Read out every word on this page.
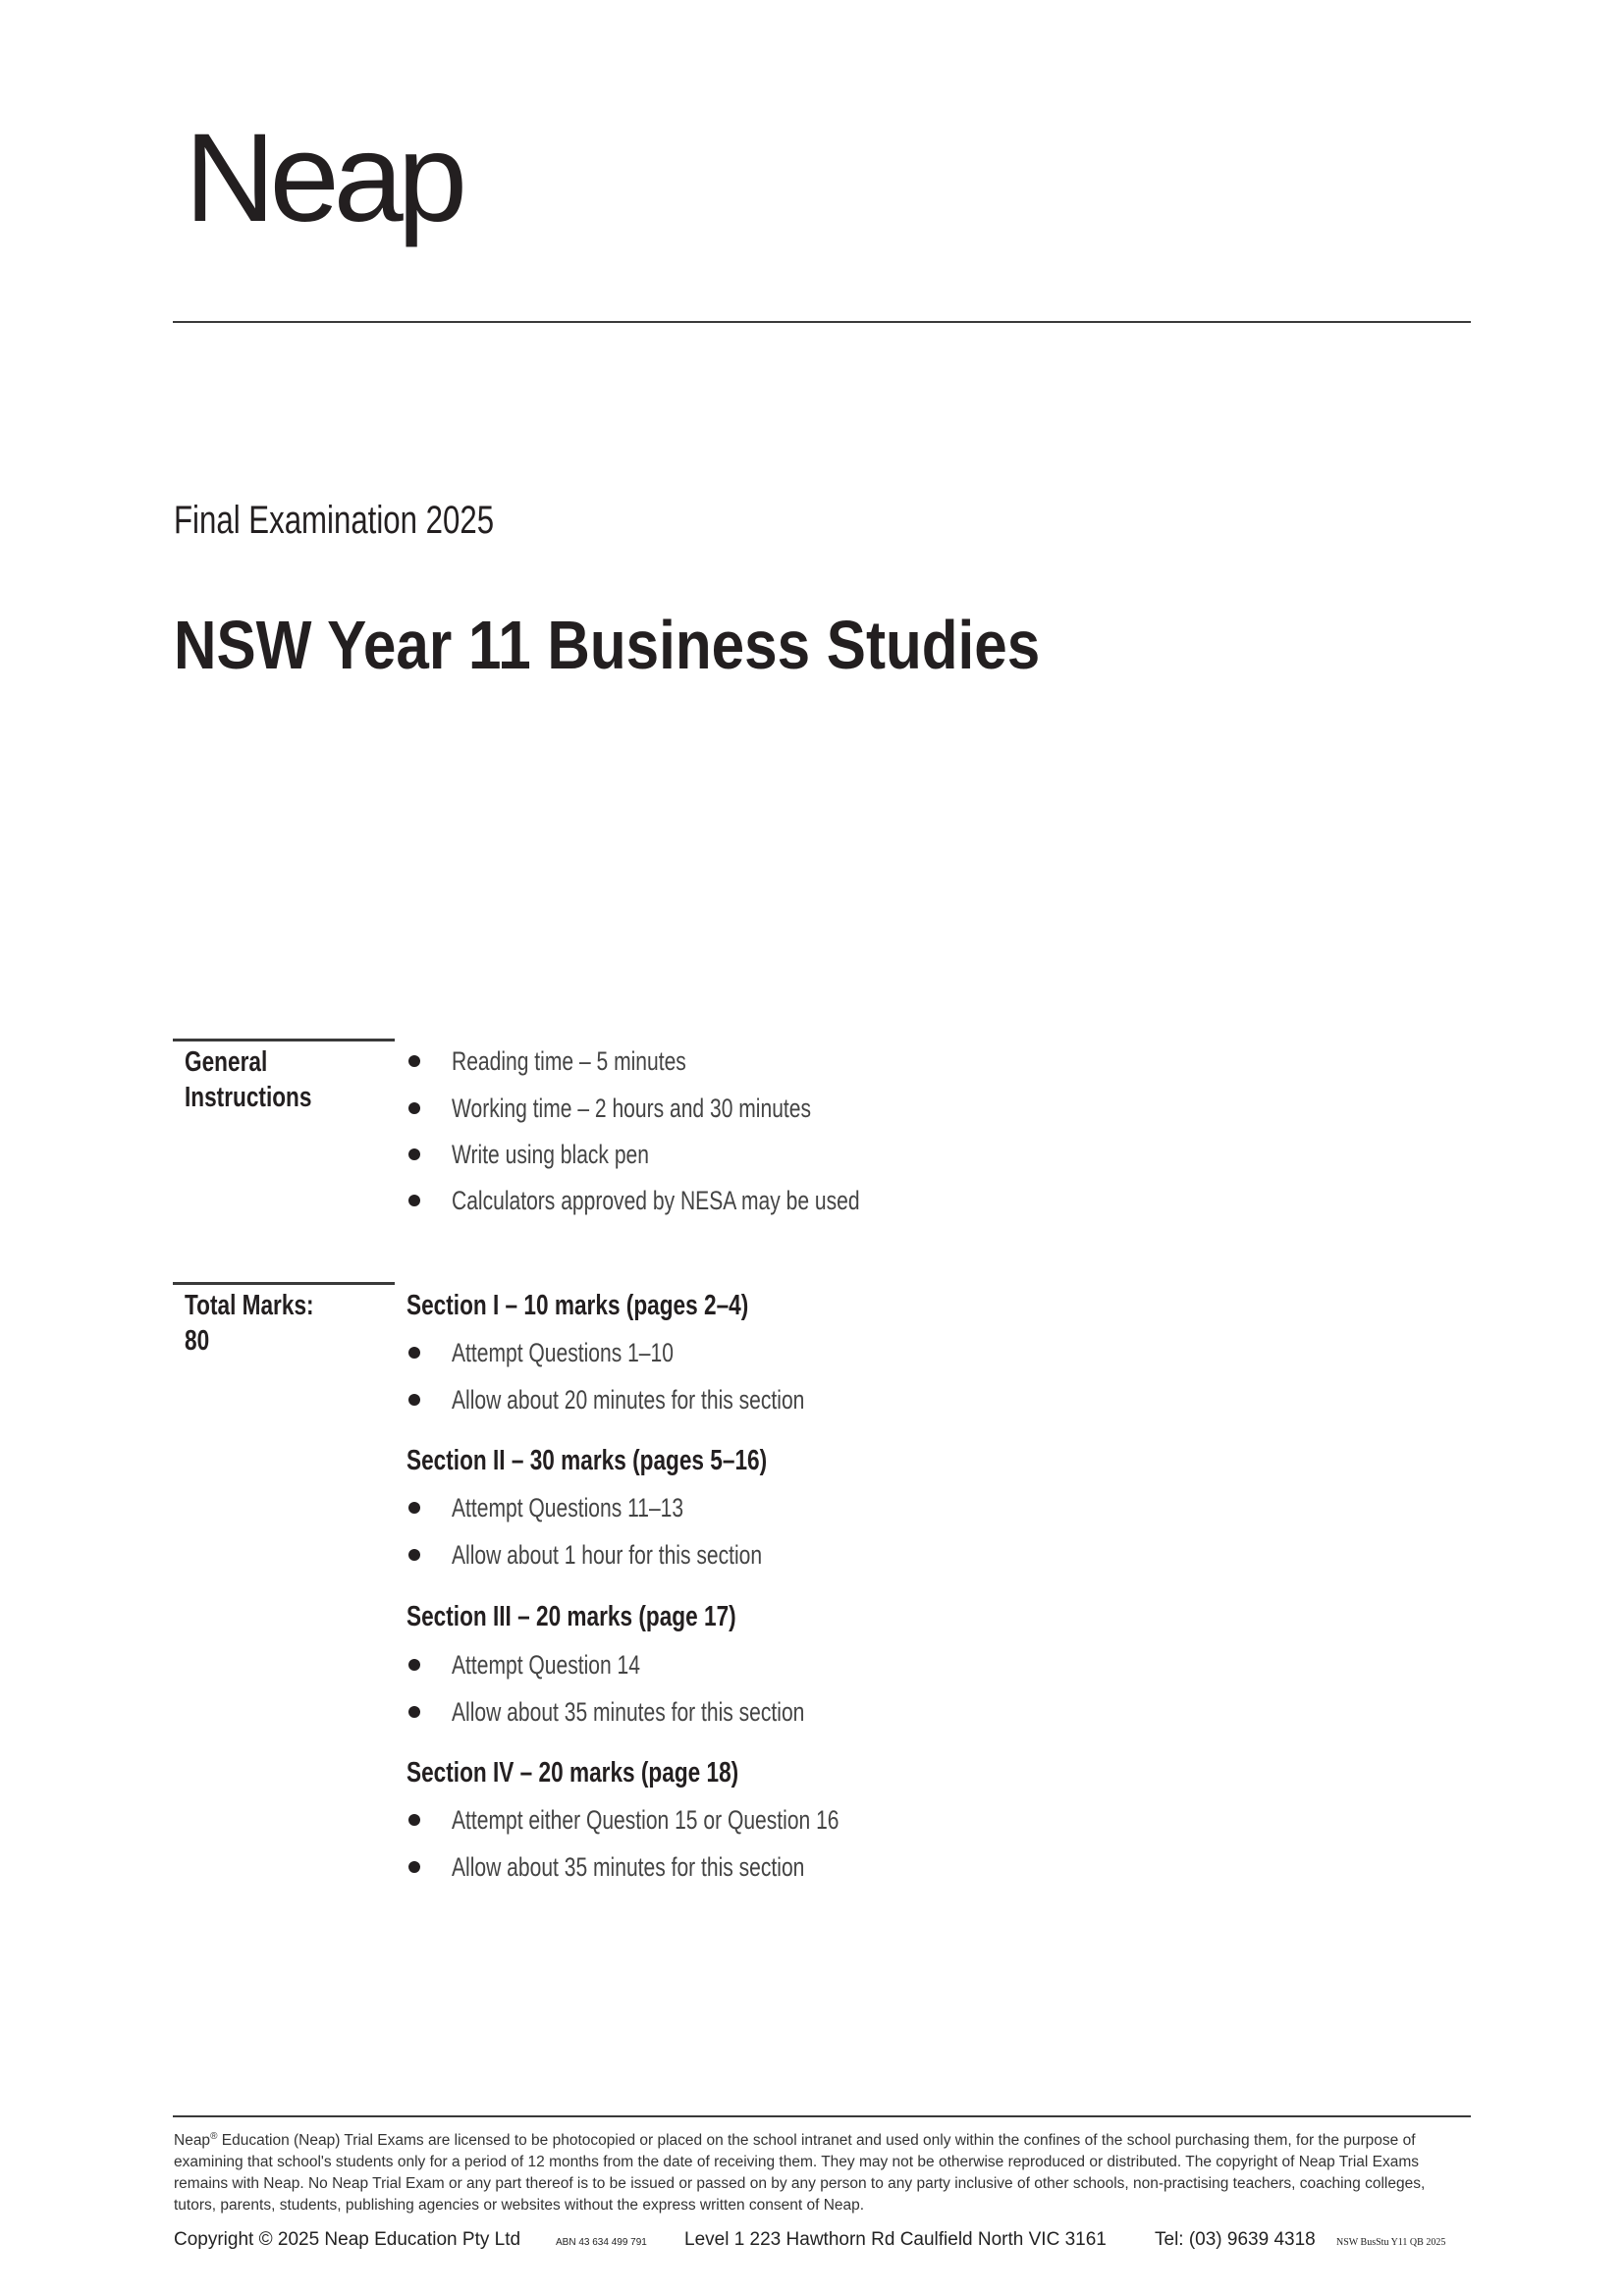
Neap
Final Examination 2025
NSW Year 11 Business Studies
General
Instructions
Reading time – 5 minutes
Working time – 2 hours and 30 minutes
Write using black pen
Calculators approved by NESA may be used
Total Marks:
80
Section I – 10 marks (pages 2–4)
Attempt Questions 1–10
Allow about 20 minutes for this section
Section II – 30 marks (pages 5–16)
Attempt Questions 11–13
Allow about 1 hour for this section
Section III – 20 marks (page 17)
Attempt Question 14
Allow about 35 minutes for this section
Section IV – 20 marks (page 18)
Attempt either Question 15 or Question 16
Allow about 35 minutes for this section
Neap® Education (Neap) Trial Exams are licensed to be photocopied or placed on the school intranet and used only within the confines of the school purchasing them, for the purpose of examining that school's students only for a period of 12 months from the date of receiving them. They may not be otherwise reproduced or distributed. The copyright of Neap Trial Exams remains with Neap. No Neap Trial Exam or any part thereof is to be issued or passed on by any person to any party inclusive of other schools, non-practising teachers, coaching colleges, tutors, parents, students, publishing agencies or websites without the express written consent of Neap.
Copyright © 2025 Neap Education Pty Ltd	ABN 43 634 499 791 Level 1 223 Hawthorn Rd Caulfield North VIC 3161	Tel: (03) 9639 4318 NSW BusStu Y11 QB 2025
